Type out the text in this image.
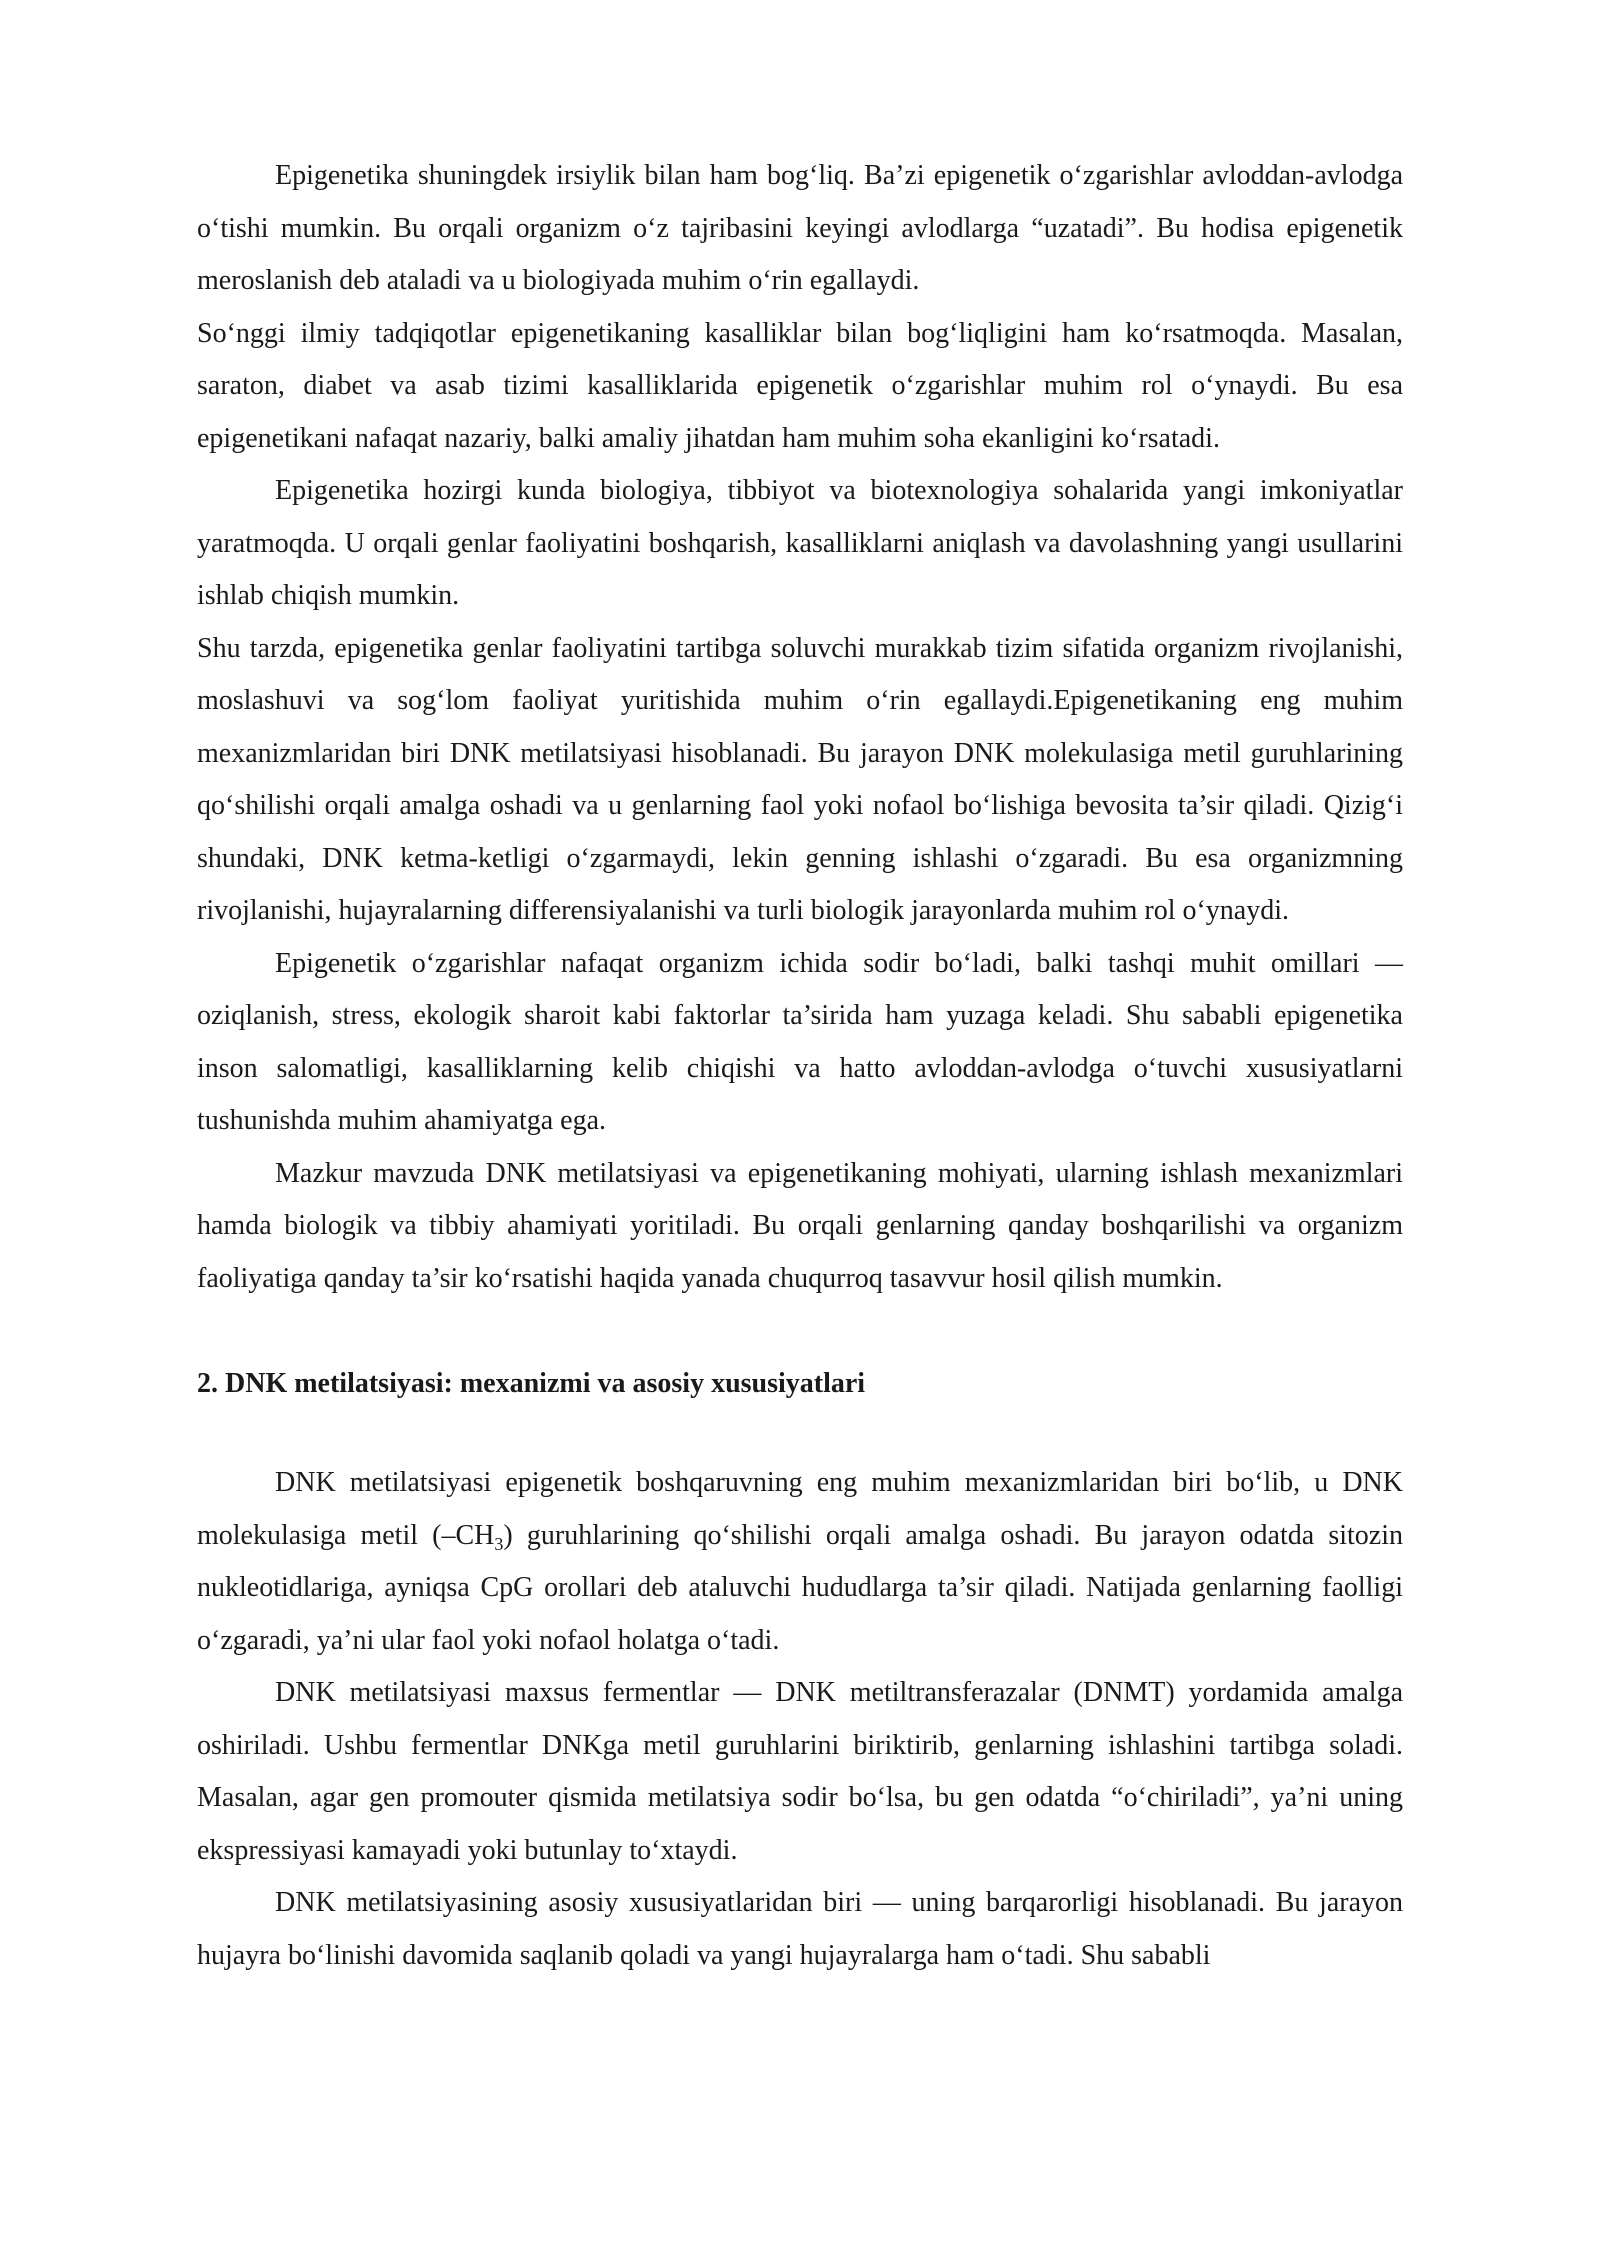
Epigenetika shuningdek irsiylik bilan ham bog‘liq. Ba’zi epigenetik o‘zgarishlar avloddan-avlodga o‘tishi mumkin. Bu orqali organizm o‘z tajribasini keyingi avlodlarga “uzatadi”. Bu hodisa epigenetik meroslanish deb ataladi va u biologiyada muhim o‘rin egallaydi.

So‘nggi ilmiy tadqiqotlar epigenetikaning kasalliklar bilan bog‘liqligini ham ko‘rsatmoqda. Masalan, saraton, diabet va asab tizimi kasalliklarida epigenetik o‘zgarishlar muhim rol o‘ynaydi. Bu esa epigenetikani nafaqat nazariy, balki amaliy jihatdan ham muhim soha ekanligini ko‘rsatadi.

Epigenetika hozirgi kunda biologiya, tibbiyot va biotexnologiya sohalarida yangi imkoniyatlar yaratmoqda. U orqali genlar faoliyatini boshqarish, kasalliklarni aniqlash va davolashning yangi usullarini ishlab chiqish mumkin.

Shu tarzda, epigenetika genlar faoliyatini tartibga soluvchi murakkab tizim sifatida organizm rivojlanishi, moslashuvi va sog‘lom faoliyat yuritishida muhim o‘rin egallaydi.Epigenetikaning eng muhim mexanizmlaridan biri DNK metilatsiyasi hisoblanadi. Bu jarayon DNK molekulasiga metil guruhlarining qo‘shilishi orqali amalga oshadi va u genlarning faol yoki nofaol bo‘lishiga bevosita ta’sir qiladi. Qizig‘i shundaki, DNK ketma-ketligi o‘zgarmaydi, lekin genning ishlashi o‘zgaradi. Bu esa organizmning rivojlanishi, hujayralarning differensiyalanishi va turli biologik jarayonlarda muhim rol o‘ynaydi.

Epigenetik o‘zgarishlar nafaqat organizm ichida sodir bo‘ladi, balki tashqi muhit omillari — oziqlanish, stress, ekologik sharoit kabi faktorlar ta’sirida ham yuzaga keladi. Shu sababli epigenetika inson salomatligi, kasalliklarning kelib chiqishi va hatto avloddan-avlodga o‘tuvchi xususiyatlarni tushunishda muhim ahamiyatga ega.

Mazkur mavzuda DNK metilatsiyasi va epigenetikaning mohiyati, ularning ishlash mexanizmlari hamda biologik va tibbiy ahamiyati yoritiladi. Bu orqali genlarning qanday boshqarilishi va organizm faoliyatiga qanday ta’sir ko‘rsatishi haqida yanada chuqurroq tasavvur hosil qilish mumkin.

2. DNK metilatsiyasi: mexanizmi va asosiy xususiyatlari

DNK metilatsiyasi epigenetik boshqaruvning eng muhim mexanizmlaridan biri bo‘lib, u DNK molekulasiga metil $(-CH_3)$ guruhlarining qo‘shilishi orqali amalga oshadi. Bu jarayon odatda sitozin nukleotidlariga, ayniqsa CpG orollari deb ataluvchi hududlarga ta’sir qiladi. Natijada genlarning faolligi o‘zgaradi, ya’ni ular faol yoki nofaol holatga o‘tadi.

DNK metilatsiyasi maxsus fermentlar — DNK metiltransferazalar (DNMT) yordamida amalga oshiriladi. Ushbu fermentlar DNKga metil guruhlarini biriktirib, genlarning ishlashini tartibga soladi. Masalan, agar gen promouter qismida metilatsiya sodir bo‘lsa, bu gen odatda “o‘chiriladi”, ya’ni uning ekspressiyasi kamayadi yoki butunlay to‘xtaydi.

DNK metilatsiyasining asosiy xususiyatlaridan biri — uning barqarorligi hisoblanadi. Bu jarayon hujayra bo‘linishi davomida saqlanib qoladi va yangi hujayralarga ham o‘tadi. Shu sababli
